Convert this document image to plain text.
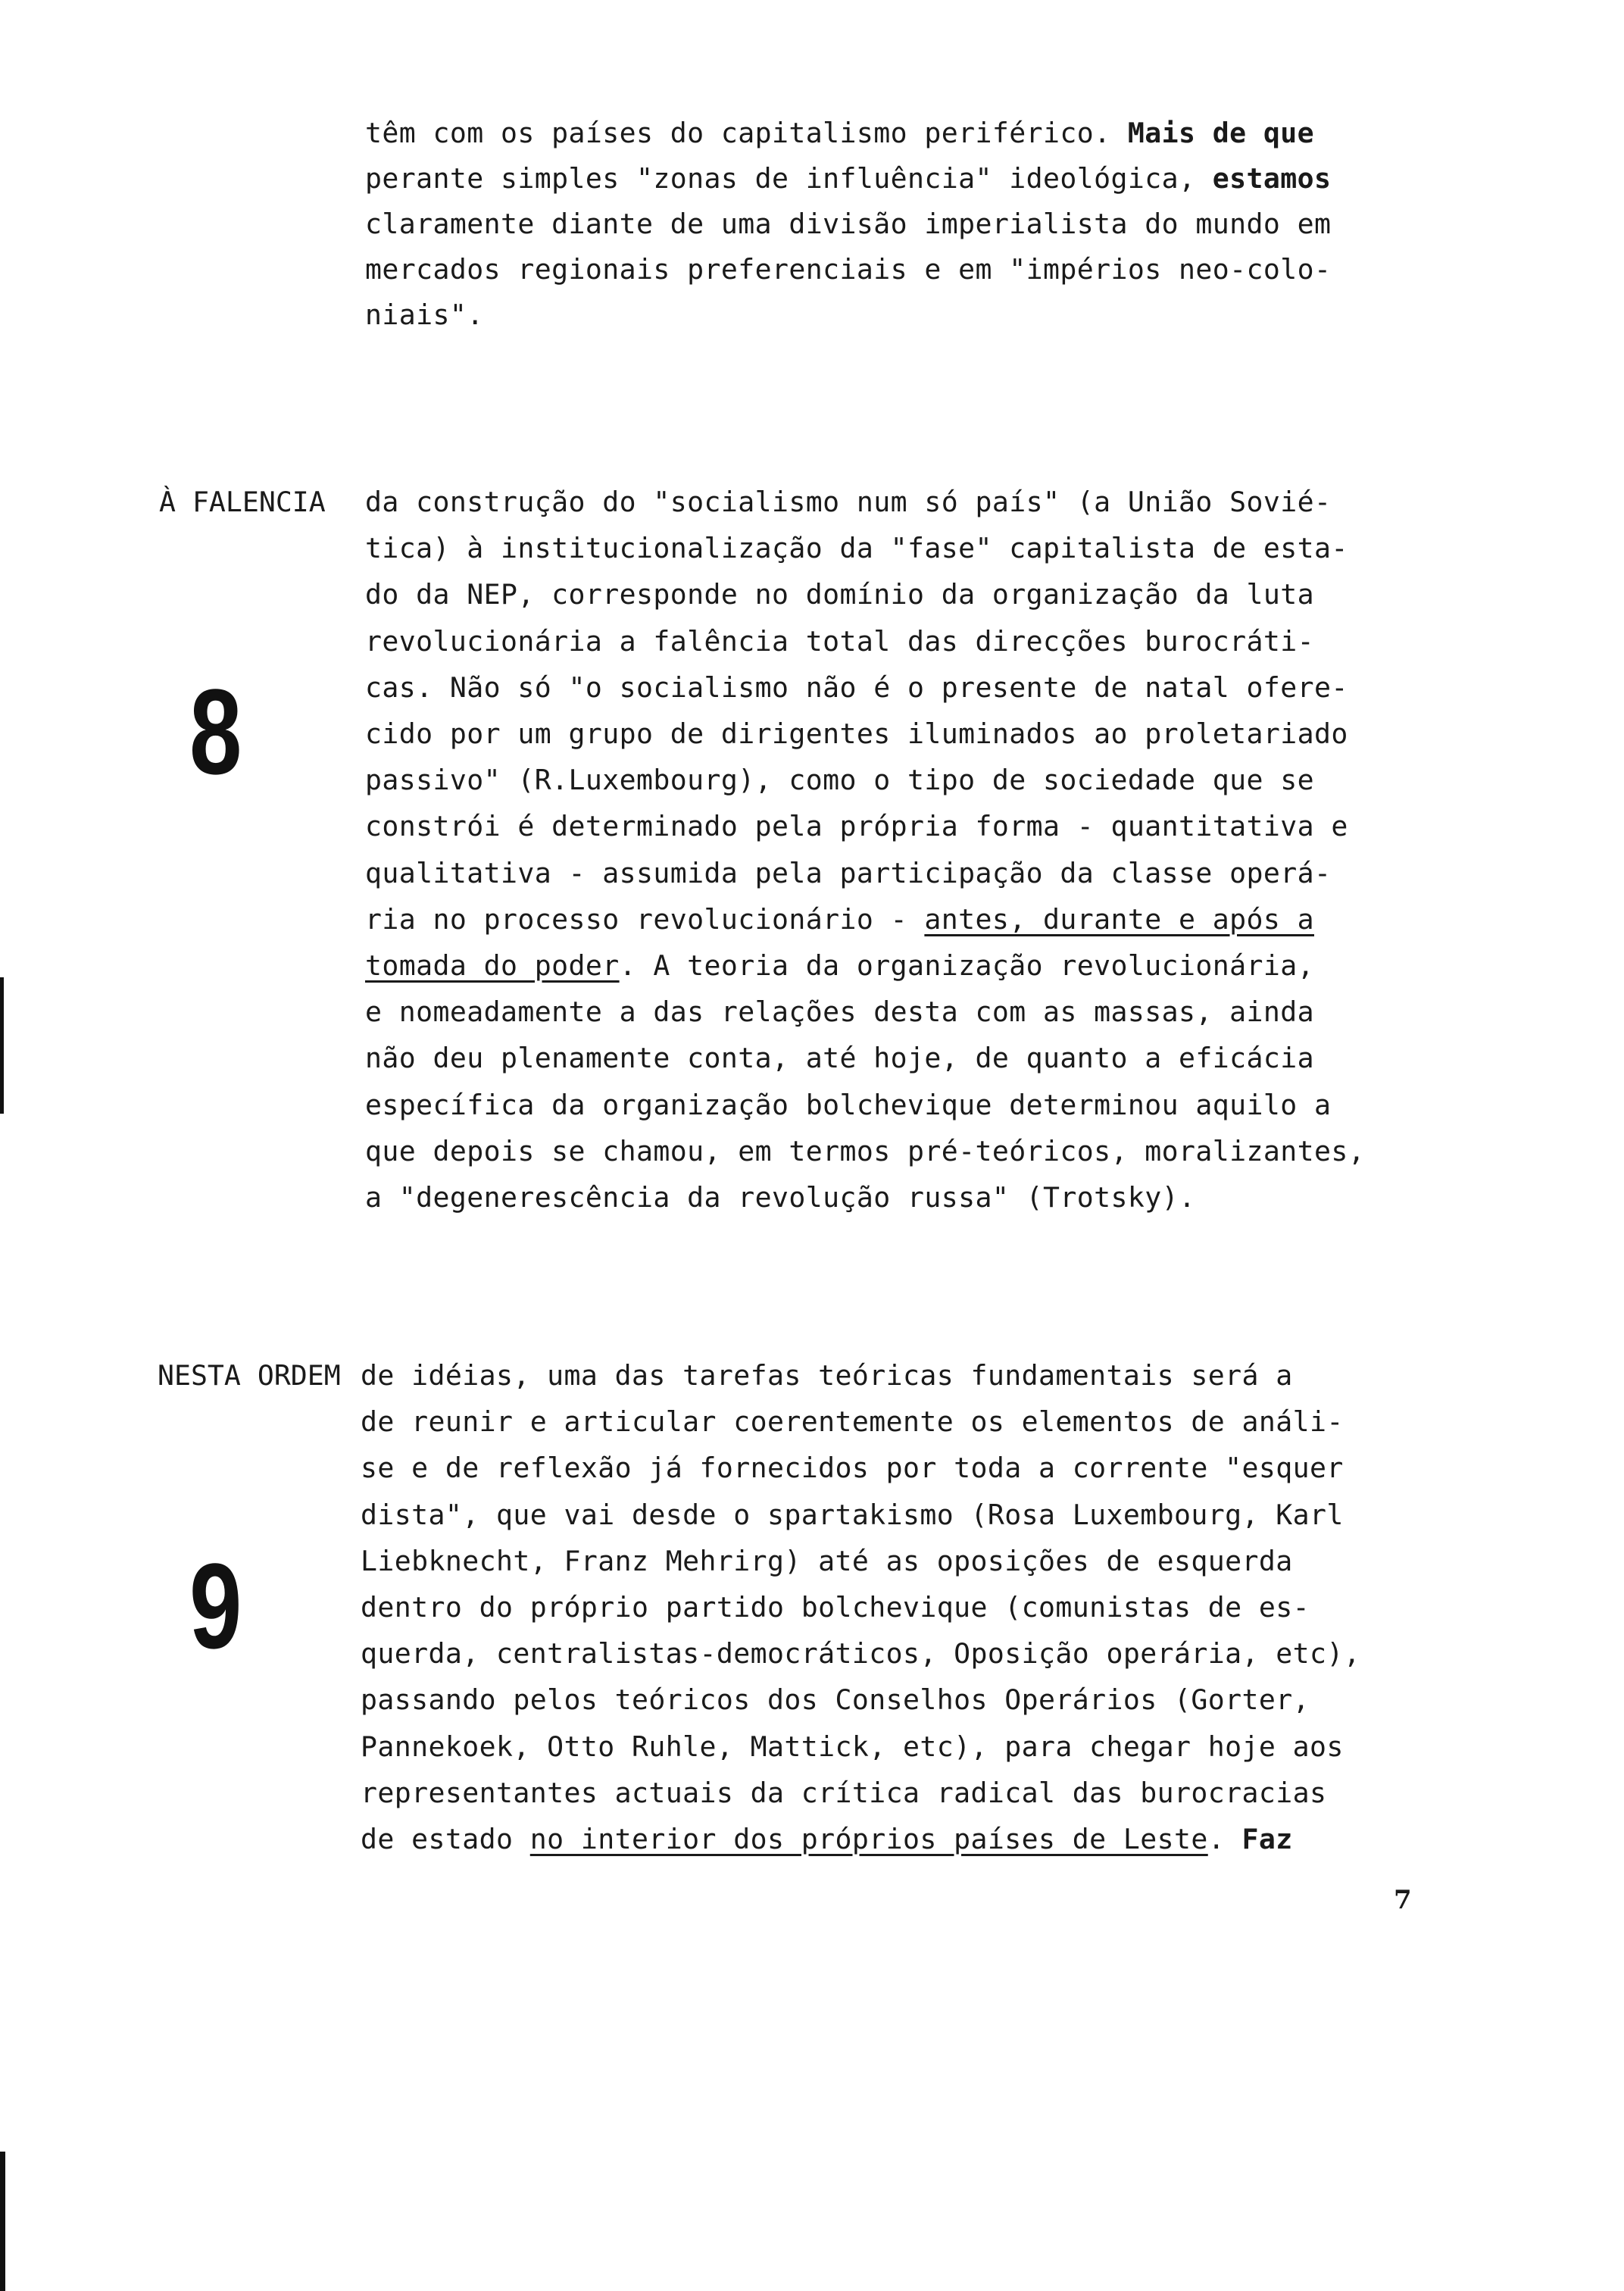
têm com os países do capitalismo periférico. Mais de que
perante simples "zonas de influência" ideológica, estamos
claramente diante de uma divisão imperialista do mundo em
mercados regionais preferenciais e em "impérios neo-colo-
niais".
À FALENCIA
8
da construção do "socialismo num só país" (a União Sovié-
tica) à institucionalização da "fase" capitalista de esta-
do da NEP, corresponde no domínio da organização da luta
revolucionária a falência total das direcções burocráti-
cas. Não só "o socialismo não é o presente de natal ofere-
cido por um grupo de dirigentes iluminados ao proletariado
passivo" (R.Luxembourg), como o tipo de sociedade que se
constrói é determinado pela própria forma - quantitativa e
qualitativa - assumida pela participação da classe operá-
ria no processo revolucionário - antes, durante e após a
tomada do poder. A teoria da organização revolucionária,
e nomeadamente a das relações desta com as massas, ainda
não deu plenamente conta, até hoje, de quanto a eficácia
específica da organização bolchevique determinou aquilo a
que depois se chamou, em termos pré-teóricos, moralizantes,
a "degenerescência da revolução russa" (Trotsky).
NESTA ORDEM
9
de idéias, uma das tarefas teóricas fundamentais será a
de reunir e articular coerentemente os elementos de análi-
se e de reflexão já fornecidos por toda a corrente "esquer
dista", que vai desde o spartakismo (Rosa Luxembourg, Karl
Liebknecht, Franz Mehrirg) até as oposições de esquerda
dentro do próprio partido bolchevique (comunistas de es-
querda, centralistas-democráticos, Oposição operária, etc),
passando pelos teóricos dos Conselhos Operários (Gorter,
Pannekoek, Otto Ruhle, Mattick, etc), para chegar hoje aos
representantes actuais da crítica radical das burocracias
de estado no interior dos próprios países de Leste. Faz
7
